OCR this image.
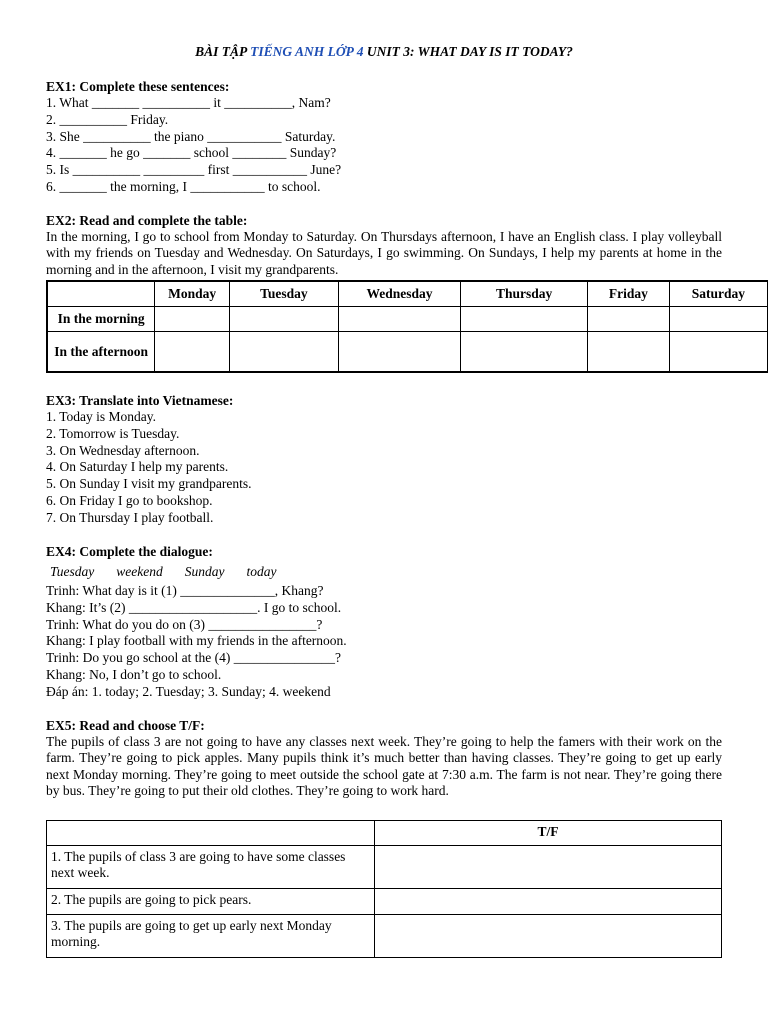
BÀI TẬP TIẾNG ANH LỚP 4 UNIT 3: WHAT DAY IS IT TODAY?
EX1: Complete these sentences:
1. What _______ __________ it __________, Nam?
2. __________ Friday.
3. She __________ the piano ___________ Saturday.
4. _______ he go _______ school ________ Sunday?
5. Is __________ _________ first ___________ June?
6. _______ the morning, I ___________ to school.
EX2: Read and complete the table:
In the morning, I go to school from Monday to Saturday. On Thursdays afternoon, I have an English class. I play volleyball with my friends on Tuesday and Wednesday. On Saturdays, I go swimming. On Sundays, I help my parents at home in the morning and in the afternoon, I visit my grandparents.
	Monday	Tuesday	Wednesday	Thursday	Friday	Saturday
In the morning						
In the afternoon						
EX3: Translate into Vietnamese:
1. Today is Monday.
2. Tomorrow is Tuesday.
3. On Wednesday afternoon.
4. On Saturday I help my parents.
5. On Sunday I visit my grandparents.
6. On Friday I go to bookshop.
7. On Thursday I play football.
EX4: Complete the dialogue:
Tuesday weekend Sunday today
Trinh: What day is it (1) ______________, Khang?
Khang: It’s (2) ___________________. I go to school.
Trinh: What do you do on (3) ________________?
Khang: I play football with my friends in the afternoon.
Trinh: Do you go school at the (4) _______________?
Khang: No, I don’t go to school.
Đáp án: 1. today; 2. Tuesday; 3. Sunday; 4. weekend
EX5: Read and choose T/F:
The pupils of class 3 are not going to have any classes next week. They’re going to help the famers with their work on the farm. They’re going to pick apples. Many pupils think it’s much better than having classes. They’re going to get up early next Monday morning. They’re going to meet outside the school gate at 7:30 a.m. The farm is not near. They’re going there by bus. They’re going to put their old clothes. They’re going to work hard.
	T/F
1. The pupils of class 3 are going to have some classes next week.	
2. The pupils are going to pick pears.	
3. The pupils are going to get up early next Monday morning.	
